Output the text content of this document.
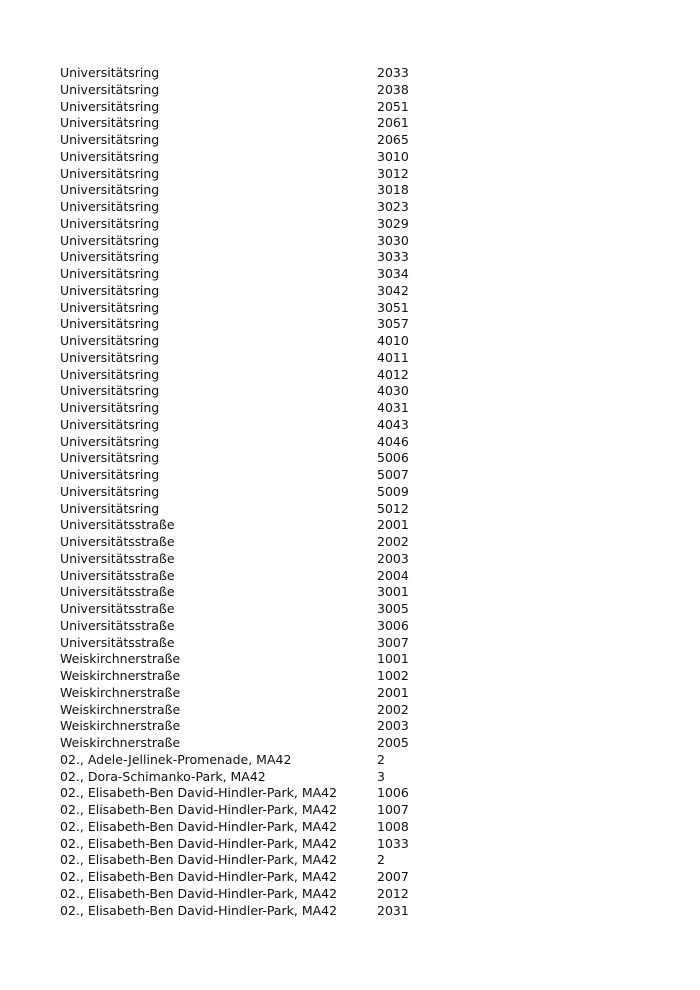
Universitätsring	2033
Universitätsring	2038
Universitätsring	2051
Universitätsring	2061
Universitätsring	2065
Universitätsring	3010
Universitätsring	3012
Universitätsring	3018
Universitätsring	3023
Universitätsring	3029
Universitätsring	3030
Universitätsring	3033
Universitätsring	3034
Universitätsring	3042
Universitätsring	3051
Universitätsring	3057
Universitätsring	4010
Universitätsring	4011
Universitätsring	4012
Universitätsring	4030
Universitätsring	4031
Universitätsring	4043
Universitätsring	4046
Universitätsring	5006
Universitätsring	5007
Universitätsring	5009
Universitätsring	5012
Universitätsstraße	2001
Universitätsstraße	2002
Universitätsstraße	2003
Universitätsstraße	2004
Universitätsstraße	3001
Universitätsstraße	3005
Universitätsstraße	3006
Universitätsstraße	3007
Weiskirchnerstraße	1001
Weiskirchnerstraße	1002
Weiskirchnerstraße	2001
Weiskirchnerstraße	2002
Weiskirchnerstraße	2003
Weiskirchnerstraße	2005
02., Adele-Jellinek-Promenade, MA42	2
02., Dora-Schimanko-Park, MA42	3
02., Elisabeth-Ben David-Hindler-Park, MA42	1006
02., Elisabeth-Ben David-Hindler-Park, MA42	1007
02., Elisabeth-Ben David-Hindler-Park, MA42	1008
02., Elisabeth-Ben David-Hindler-Park, MA42	1033
02., Elisabeth-Ben David-Hindler-Park, MA42	2
02., Elisabeth-Ben David-Hindler-Park, MA42	2007
02., Elisabeth-Ben David-Hindler-Park, MA42	2012
02., Elisabeth-Ben David-Hindler-Park, MA42	2031
